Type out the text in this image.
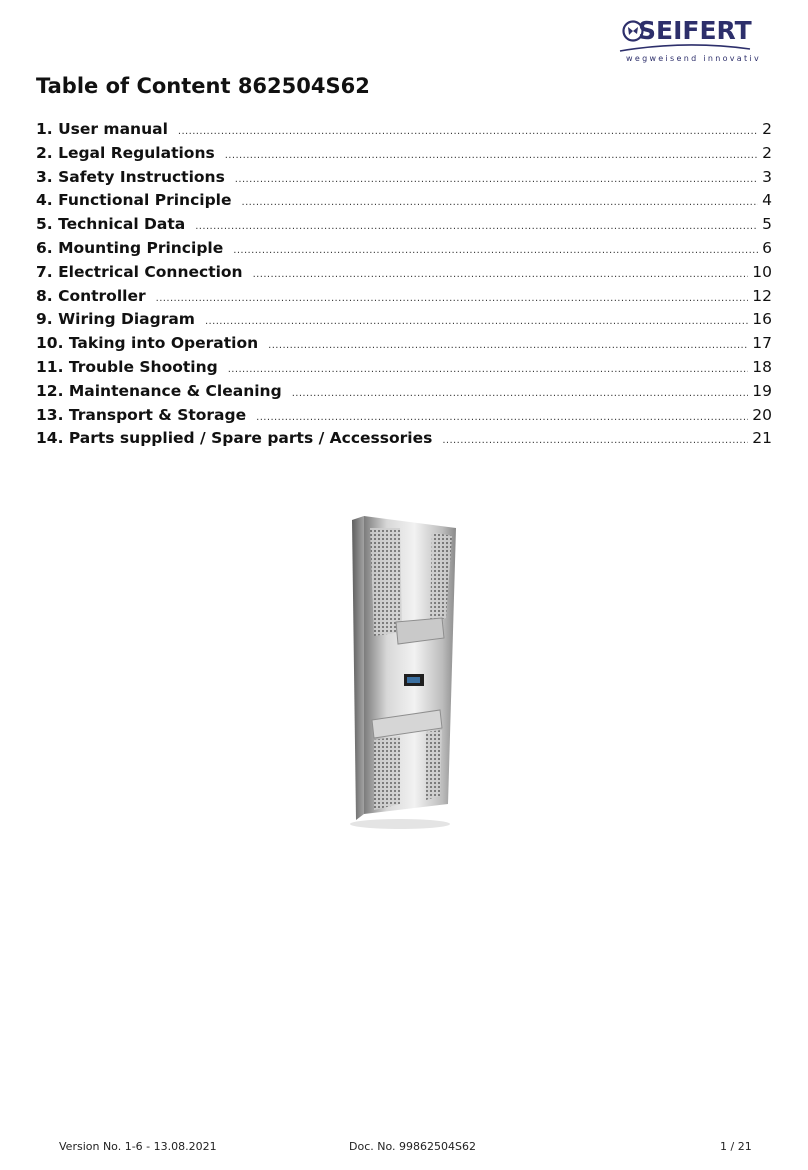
SEIFERT
wegweisend innovativ
Table of Content 862504S62
1. User manual .....	2
2. Legal Regulations .....	2
3. Safety Instructions .....	3
4. Functional Principle .....	4
5. Technical Data .....	5
6. Mounting Principle .....	6
7. Electrical Connection .....	10
8. Controller .....	12
9. Wiring Diagram .....	16
10. Taking into Operation .....	17
11. Trouble Shooting .....	18
12. Maintenance & Cleaning .....	19
13. Transport & Storage .....	20
14. Parts supplied / Spare parts / Accessories .....	21
Version No. 1-6 - 13.08.2021	Doc. No. 99862504S62	1 / 21
